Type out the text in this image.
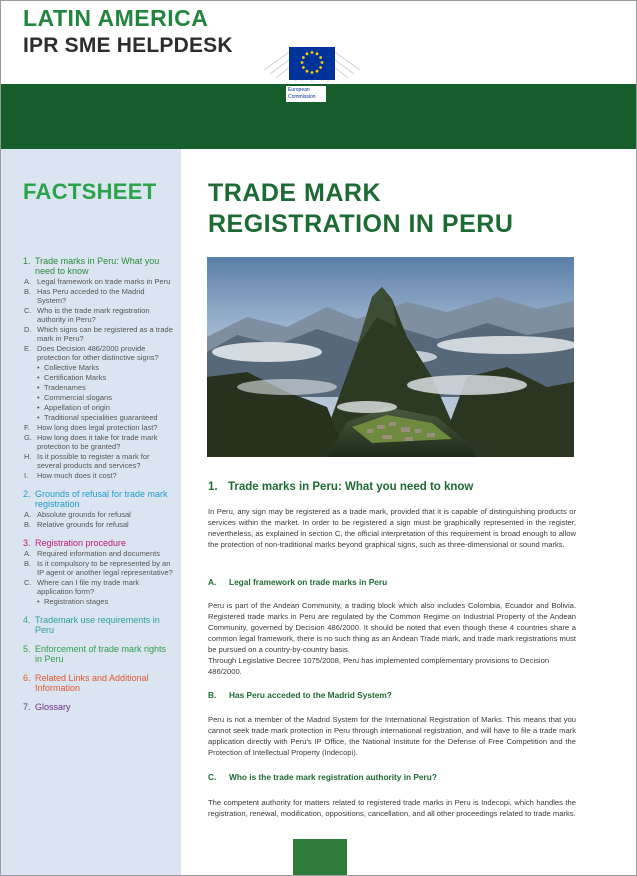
LATIN AMERICA
IPR SME HELPDESK
European Commission
FACTSHEET
1. Trade marks in Peru: What you need to know
A. Legal framework on trade marks in Peru
B. Has Peru acceded to the Madrid System?
C. Who is the trade mark registration authority in Peru?
D. Which signs can be registered as a trade mark in Peru?
E. Does Decision 486/2000 provide protection for other distinctive signs?
• Collective Marks
• Certification Marks
• Tradenames
• Commercial slogans
• Appellation of origin
• Traditional specialities guaranteed
F. How long does legal protection last?
G. How long does it take for trade mark protection to be granted?
H. Is it possible to register a mark for several products and services?
I.	How much does it cost?
2. Grounds of refusal for trade mark registration
A. Absolute grounds for refusal
B. Relative grounds for refusal
3. Registration procedure
A. Required information and documents
B. Is it compulsory to be represented by an IP agent or another legal representative?
C. Where can I file my trade mark application form?
• Registration stages
4. Trademark use requirements in Peru
5. Enforcement of trade mark rights in Peru
6. Related Links and Additional Information
7. Glossary
TRADE MARK
REGISTRATION IN PERU
1. Trade marks in Peru: What you need to know

In Peru, any sign may be registered as a trade mark, provided that it is capable of distinguishing products or services within the market. In order to be registered a sign must be graphically represented in the register, nevertheless, as explained in section C, the official interpretation of this requirement is broad enough to allow the protection of non-traditional marks beyond graphical signs, such as three-dimensional or sound marks.

A. Legal framework on trade marks in Peru

Peru is part of the Andean Community, a trading block which also includes Colombia, Ecuador and Bolivia. Registered trade marks in Peru are regulated by the Common Regime on Industrial Property of the Andean Community, governed by Decision 486/2000. It should be noted that even though these 4 countries share a common legal framework, there is no such thing as an Andean Trade mark, and trade mark registrations must be pursued on a country-by-country basis.

Through Legislative Decree 1075/2008, Peru has implemented complementary provisions to Decision 486/2000.

B. Has Peru acceded to the Madrid System?

Peru is not a member of the Madrid System for the International Registration of Marks. This means that you cannot seek trade mark protection in Peru through international registration, and will have to file a trade mark application directly with Peru's IP Office, the National Institute for the Defense of Free Competition and the Protection of Intellectual Property (Indecopi).

C. Who is the trade mark registration authority in Peru?

The competent authority for matters related to registered trade marks in Peru is Indecopi, which handles the registration, renewal, modification, oppositions, cancellation, and all other proceedings related to trade marks.
